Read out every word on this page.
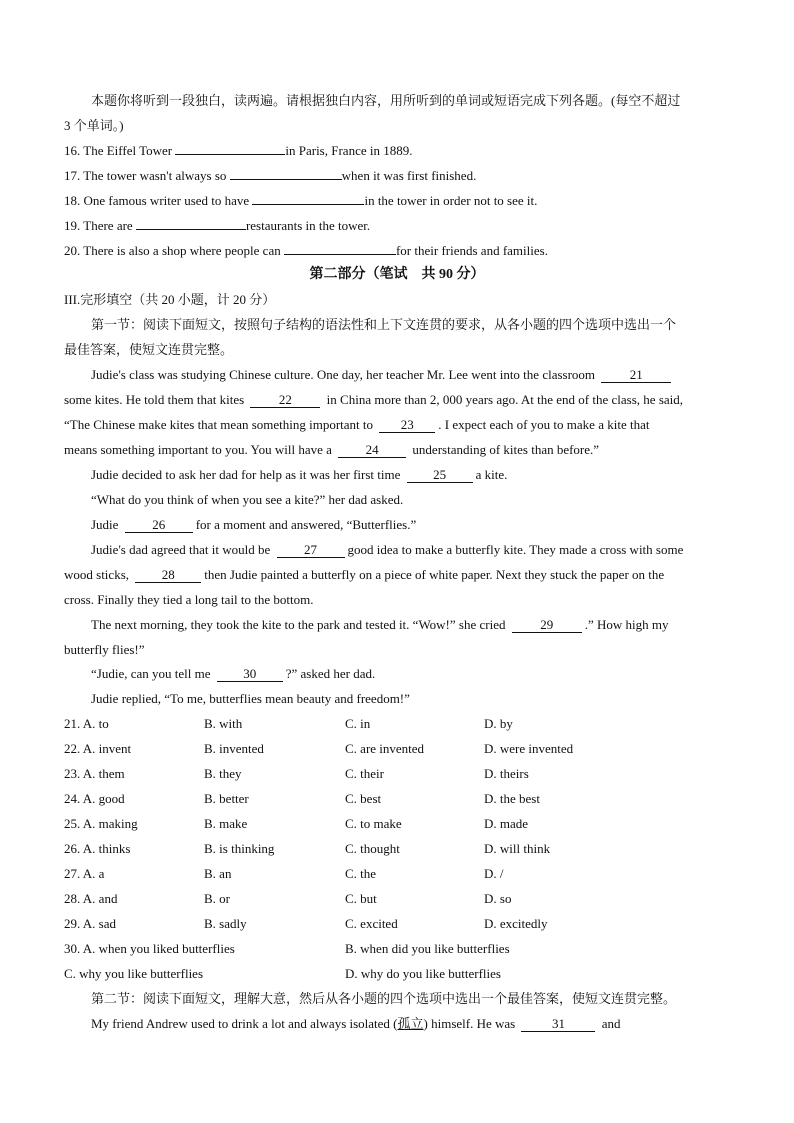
本题你将听到一段独白，读两遍。请根据独白内容，用所听到的单词或短语完成下列各题。(每空不超过
3 个单词。)
16. The Eiffel Tower	in Paris, France in 1889.
17. The tower wasn't always so	when it was first finished.
18. One famous writer used to have	in the tower in order not to see it.
19. There are	restaurants in the tower.
20. There is also a shop where people can	for their friends and families.
第二部分（笔试　共 90 分）
III.完形填空（共 20 小题，计 20 分）
第一节：阅读下面短文，按照句子结构的语法性和上下文连贯的要求，从各小题的四个选项中选出一个
最佳答案，使短文连贯完整。
Judie's class was studying Chinese culture. One day, her teacher Mr. Lee went into the classroom	21
some kites. He told them that kites	22	in China more than 2, 000 years ago. At the end of the class, he said,
“The Chinese make kites that mean something important to 23 . I expect each of you to make a kite that
means something important to you. You will have a	24	understanding of kites than before.”
Judie decided to ask her dad for help as it was her first time	25 a kite.
“What do you think of when you see a kite?” her dad asked.
Judie	26 for a moment and answered, “Butterflies.”
Judie's dad agreed that it would be	27 good idea to make a butterfly kite. They made a cross with some
wood sticks,	28 then Judie painted a butterfly on a piece of white paper. Next they stuck the paper on the
cross. Finally they tied a long tail to the bottom.
The next morning, they took the kite to the park and tested it. “Wow!” she cried	29 .” How high my
butterfly flies!”
“Judie, can you tell me	30 ?” asked her dad.
Judie replied, “To me, butterflies mean beauty and freedom!”
21. A. to	B. with	C. in	D. by
22. A. invent	B. invented	C. are invented	D. were invented
23. A. them	B. they	C. their	D. theirs
24. A. good	B. better	C. best	D. the best
25. A. making	B. make	C. to make	D. made
26. A. thinks	B. is thinking	C. thought	D. will think
27. A. a	B. an	C. the	D. /
28. A. and	B. or	C. but	D. so
29. A. sad	B. sadly	C. excited	D. excitedly
30. A. when you liked butterflies	B. when did you like butterflies
C. why you like butterflies	D. why do you like butterflies
第二节：阅读下面短文，理解大意，然后从各小题的四个选项中选出一个最佳答案，使短文连贯完整。
My friend Andrew used to drink a lot and always isolated (孤立) himself. He was	31	and
